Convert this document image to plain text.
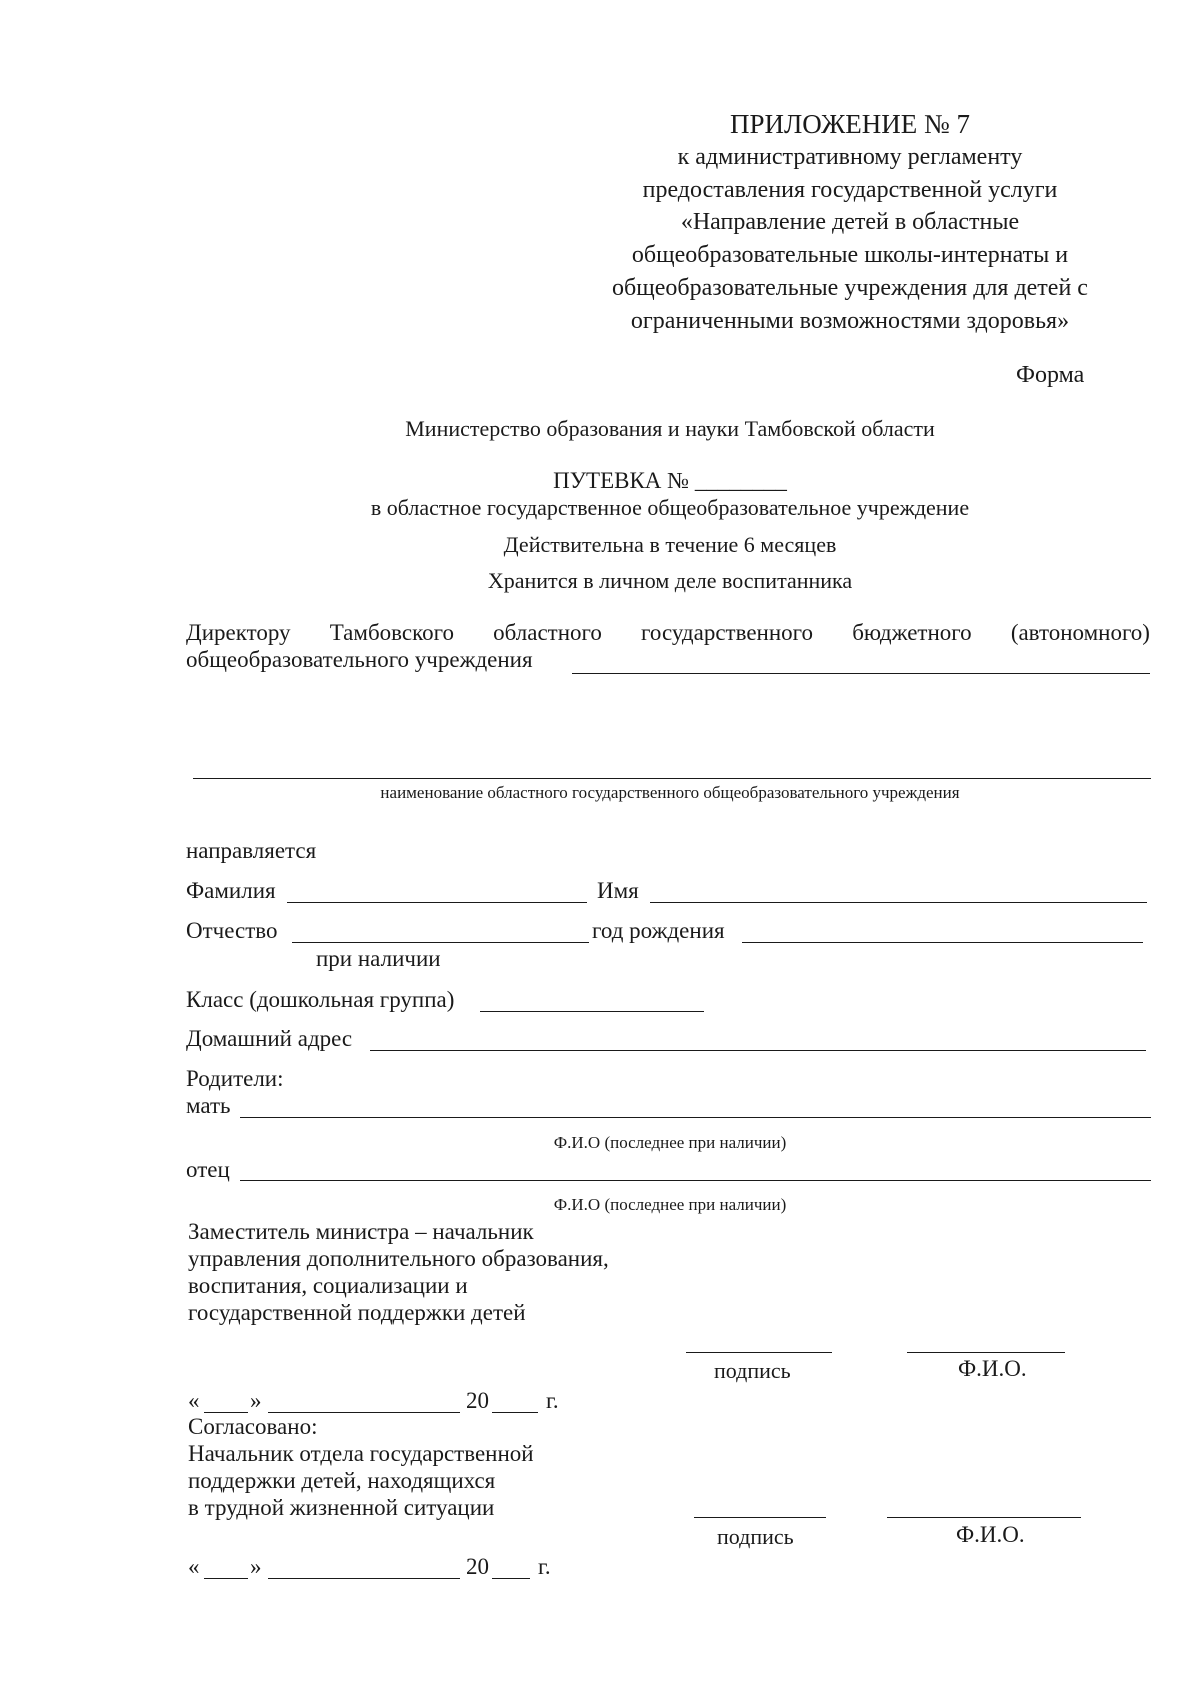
ПРИЛОЖЕНИЕ № 7
к административному регламенту
предоставления государственной услуги
«Направление детей в областные
общеобразовательные школы-интернаты и
общеобразовательные учреждения для детей с
ограниченными возможностями здоровья»
Форма
Министерство образования и науки Тамбовской области
ПУТЕВКА № ________
в областное государственное общеобразовательное учреждение
Действительна в течение 6 месяцев
Хранится в личном деле воспитанника
Директору Тамбовского областного государственного бюджетного (автономного)
общеобразовательного учреждения
наименование областного государственного общеобразовательного учреждения
направляется
Фамилия	Имя
Отчество	год рождения
при наличии
Класс (дошкольная группа)
Домашний адрес
Родители:
мать
Ф.И.О (последнее при наличии)
отец
Ф.И.О (последнее при наличии)
Заместитель министра – начальник
управления дополнительного образования,
воспитания, социализации и
государственной поддержки детей
подпись	Ф.И.О.
« »	20 г.
Согласовано:
Начальник отдела государственной
поддержки детей, находящихся
в трудной жизненной ситуации
подпись	Ф.И.О.
« »	20 г.
